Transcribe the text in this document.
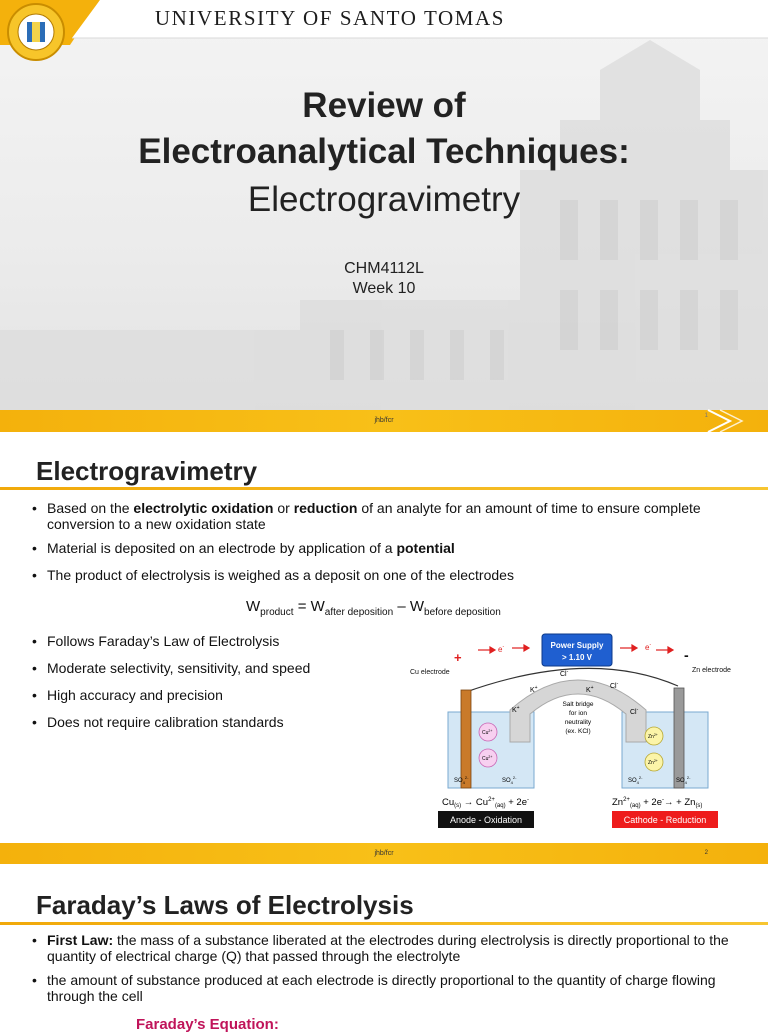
UNIVERSITY OF SANTO TOMAS
Review of
Electroanalytical Techniques:
Electrogravimetry
CHM4112L
Week 10
jhb/fcr
1
Electrogravimetry
• Based on the electrolytic oxidation or reduction of an analyte for an amount of time to ensure complete conversion to a new oxidation state
• Material is deposited on an electrode by application of a potential
• The product of electrolysis is weighed as a deposit on one of the electrodes
$W_{product} = W_{after deposition} - W_{before deposition}$
• Follows Faraday’s Law of Electrolysis
• Moderate selectivity, sensitivity, and speed
• High accuracy and precision
• Does not require calibration standards
Power Supply
> 1.10 V
+	-
e-	e-
Cu electrode	Zn electrode
K+	K+
K+
Cl-
Cl-
Cl-
Salt bridge
for ion
neutrality
(ex. KCl)
$Cu^{2+}$
$Cu^{2+}$
$Zn^{2+}$
$Zn^{2+}$
$SO_4^{2-}$
$SO_4^{2-}$
$SO_4^{2-}$
$SO_4^{2-}$
$Cu_{(s)} \to Cu^{2+}_{(aq)} + 2e^-$	$Zn^{2+}_{(aq)} + 2e^-\to + Zn_{(s)}$
Anode - Oxidation	Cathode - Reduction
jhb/fcr	2
Faraday’s Laws of Electrolysis
• First Law: the mass of a substance liberated at the electrodes during electrolysis is directly proportional to the quantity of electrical charge (Q) that passed through the electrolyte
• the amount of substance produced at each electrode is directly proportional to the quantity of charge flowing through the cell
Faraday’s Equation:
